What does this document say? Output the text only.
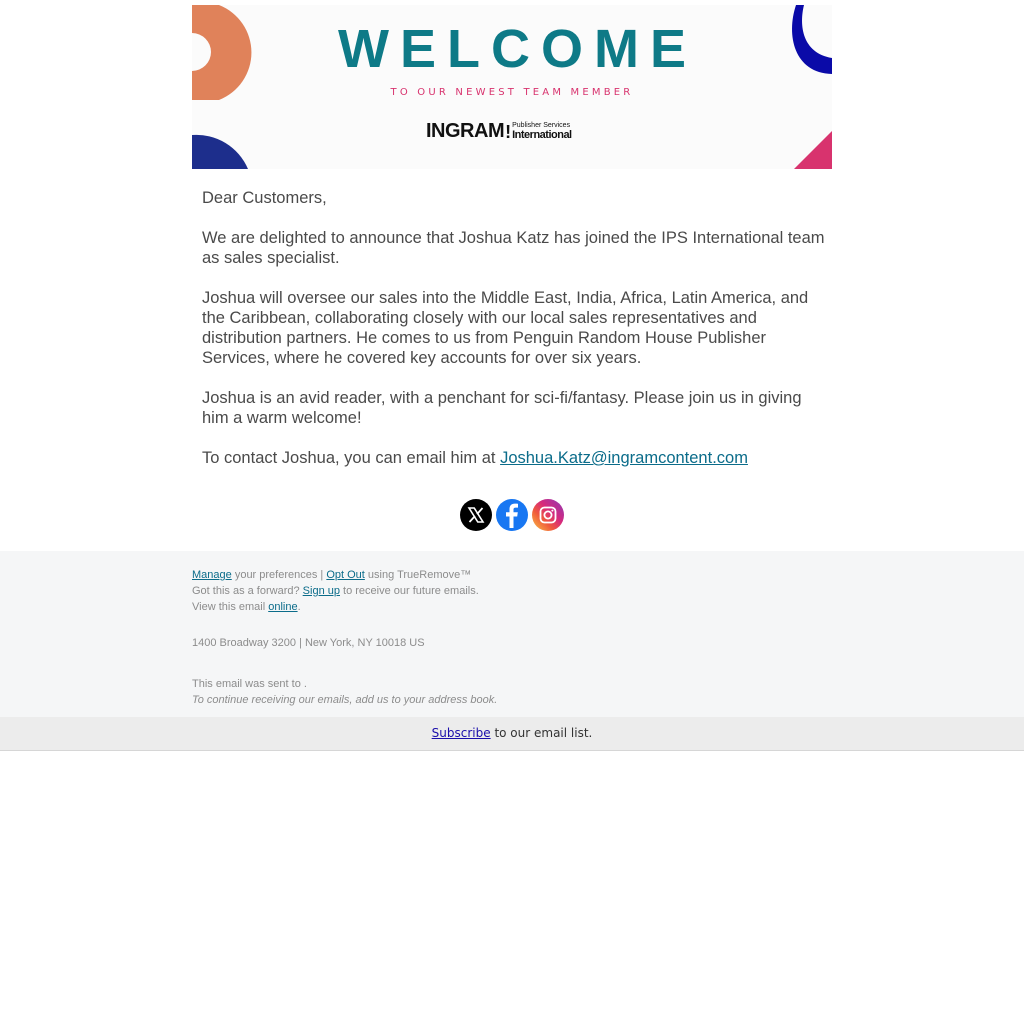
WELCOME
TO OUR NEWEST TEAM MEMBER
INGRAM ! Publisher Services
International
Dear Customers,
We are delighted to announce that Joshua Katz has joined the IPS International team as sales specialist.
Joshua will oversee our sales into the Middle East, India, Africa, Latin America, and the Caribbean, collaborating closely with our local sales representatives and distribution partners. He comes to us from Penguin Random House Publisher Services, where he covered key accounts for over six years.
Joshua is an avid reader, with a penchant for sci-fi/fantasy. Please join us in giving him a warm welcome!
To contact Joshua, you can email him at Joshua.Katz@ingramcontent.com
Manage your preferences | Opt Out using TrueRemove™
Got this as a forward? Sign up to receive our future emails.
View this email online.
1400 Broadway 3200 | New York, NY 10018 US
This email was sent to .
To continue receiving our emails, add us to your address book.
Subscribe to our email list.
